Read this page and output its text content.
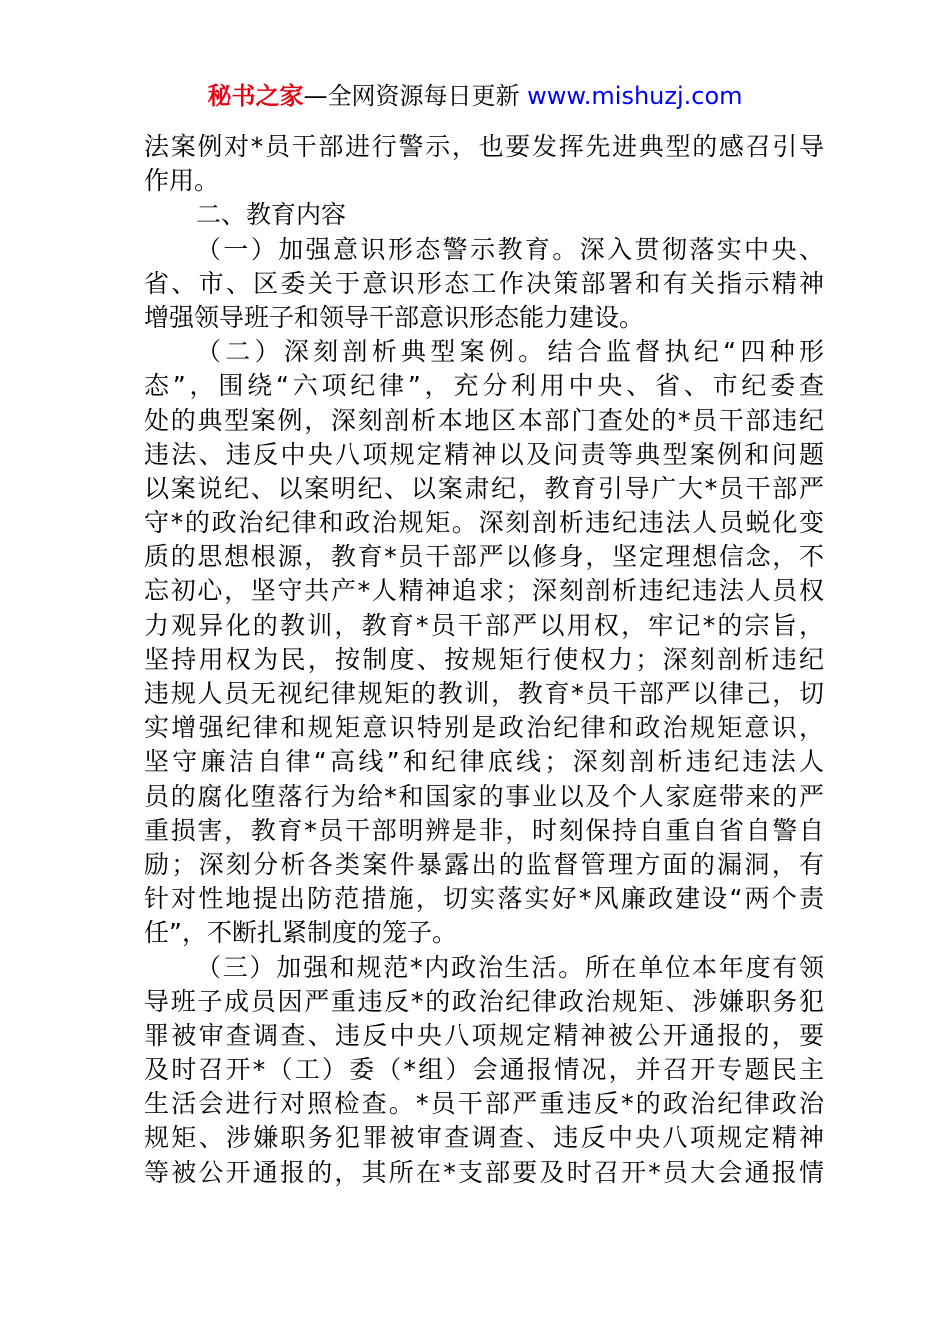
秘书之家—全网资源每日更新 www.mishuzj.com
法案例对*员干部进行警示，也要发挥先进典型的感召引导
作用。
二、教育内容
（一）加强意识形态警示教育。深入贯彻落实中央、
省、市、区委关于意识形态工作决策部署和有关指示精神
增强领导班子和领导干部意识形态能力建设。
（二）深刻剖析典型案例。结合监督执纪“四种形
态”，围绕“六项纪律”，充分利用中央、省、市纪委查
处的典型案例，深刻剖析本地区本部门查处的*员干部违纪
违法、违反中央八项规定精神以及问责等典型案例和问题
以案说纪、以案明纪、以案肃纪，教育引导广大*员干部严
守*的政治纪律和政治规矩。深刻剖析违纪违法人员蜕化变
质的思想根源，教育*员干部严以修身，坚定理想信念，不
忘初心，坚守共产*人精神追求；深刻剖析违纪违法人员权
力观异化的教训，教育*员干部严以用权，牢记*的宗旨，
坚持用权为民，按制度、按规矩行使权力；深刻剖析违纪
违规人员无视纪律规矩的教训，教育*员干部严以律己，切
实增强纪律和规矩意识特别是政治纪律和政治规矩意识，
坚守廉洁自律“高线”和纪律底线；深刻剖析违纪违法人
员的腐化堕落行为给*和国家的事业以及个人家庭带来的严
重损害，教育*员干部明辨是非，时刻保持自重自省自警自
励；深刻分析各类案件暴露出的监督管理方面的漏洞，有
针对性地提出防范措施，切实落实好*风廉政建设“两个责
任”，不断扎紧制度的笼子。
（三）加强和规范*内政治生活。所在单位本年度有领
导班子成员因严重违反*的政治纪律政治规矩、涉嫌职务犯
罪被审查调查、违反中央八项规定精神被公开通报的，要
及时召开*（工）委（*组）会通报情况，并召开专题民主
生活会进行对照检查。*员干部严重违反*的政治纪律政治
规矩、涉嫌职务犯罪被审查调查、违反中央八项规定精神
等被公开通报的，其所在*支部要及时召开*员大会通报情
